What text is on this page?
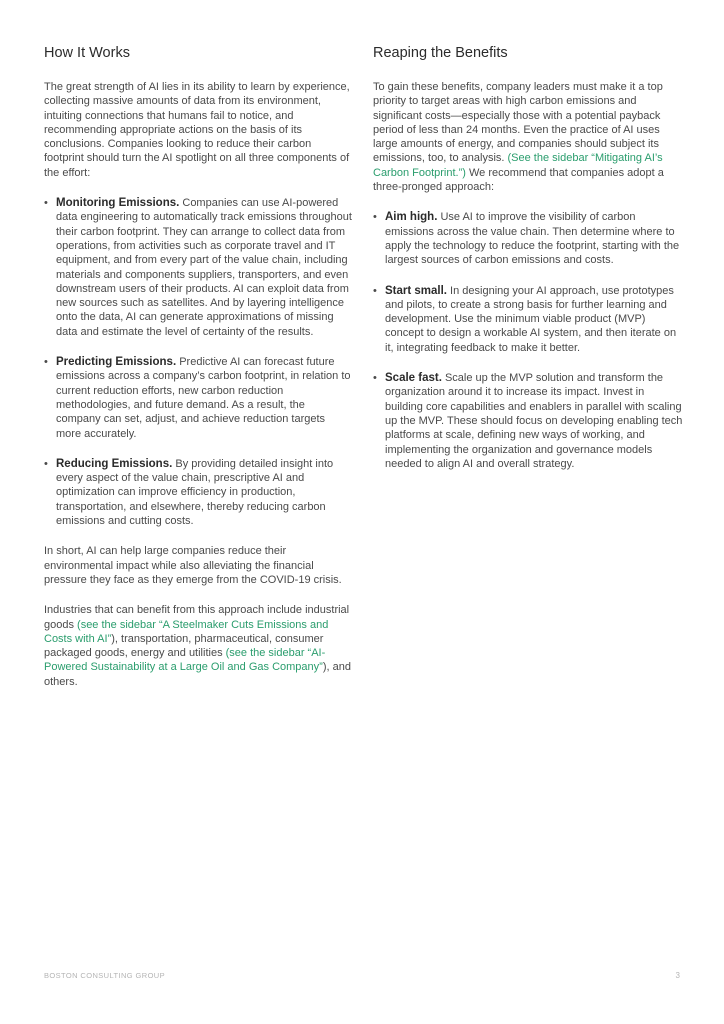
How It Works

The great strength of AI lies in its ability to learn by experience, collecting massive amounts of data from its environment, intuiting connections that humans fail to notice, and recommending appropriate actions on the basis of its conclusions. Companies looking to reduce their carbon footprint should turn the AI spotlight on all three components of the effort:

• Monitoring Emissions. Companies can use AI-powered data engineering to automatically track emissions throughout their carbon footprint. They can arrange to collect data from operations, from activities such as corporate travel and IT equipment, and from every part of the value chain, including materials and components suppliers, transporters, and even downstream users of their products. AI can exploit data from new sources such as satellites. And by layering intelligence onto the data, AI can generate approximations of missing data and estimate the level of certainty of the results.
• Predicting Emissions. Predictive AI can forecast future emissions across a company’s carbon footprint, in relation to current reduction efforts, new carbon reduction methodologies, and future demand. As a result, the company can set, adjust, and achieve reduction targets more accurately.
• Reducing Emissions. By providing detailed insight into every aspect of the value chain, prescriptive AI and optimization can improve efficiency in production, transportation, and elsewhere, thereby reducing carbon emissions and cutting costs.

In short, AI can help large companies reduce their environmental impact while also alleviating the financial pressure they face as they emerge from the COVID-19 crisis.

Industries that can benefit from this approach include industrial goods (see the sidebar “A Steelmaker Cuts Emissions and Costs with AI”), transportation, pharmaceutical, consumer packaged goods, energy and utilities (see the sidebar “AI-Powered Sustainability at a Large Oil and Gas Company”), and others.

Reaping the Benefits

To gain these benefits, company leaders must make it a top priority to target areas with high carbon emissions and significant costs—especially those with a potential payback period of less than 24 months. Even the practice of AI uses large amounts of energy, and companies should subject its emissions, too, to analysis. (See the sidebar “Mitigating AI’s Carbon Footprint.”) We recommend that companies adopt a three-pronged approach:

• Aim high. Use AI to improve the visibility of carbon emissions across the value chain. Then determine where to apply the technology to reduce the footprint, starting with the largest sources of carbon emissions and costs.
• Start small. In designing your AI approach, use prototypes and pilots, to create a strong basis for further learning and development. Use the minimum viable product (MVP) concept to design a workable AI system, and then iterate on it, integrating feedback to make it better.
• Scale fast. Scale up the MVP solution and transform the organization around it to increase its impact. Invest in building core capabilities and enablers in parallel with scaling up the MVP. These should focus on developing enabling tech platforms at scale, defining new ways of working, and implementing the organization and governance models needed to align AI and overall strategy.
BOSTON CONSULTING GROUP	3
